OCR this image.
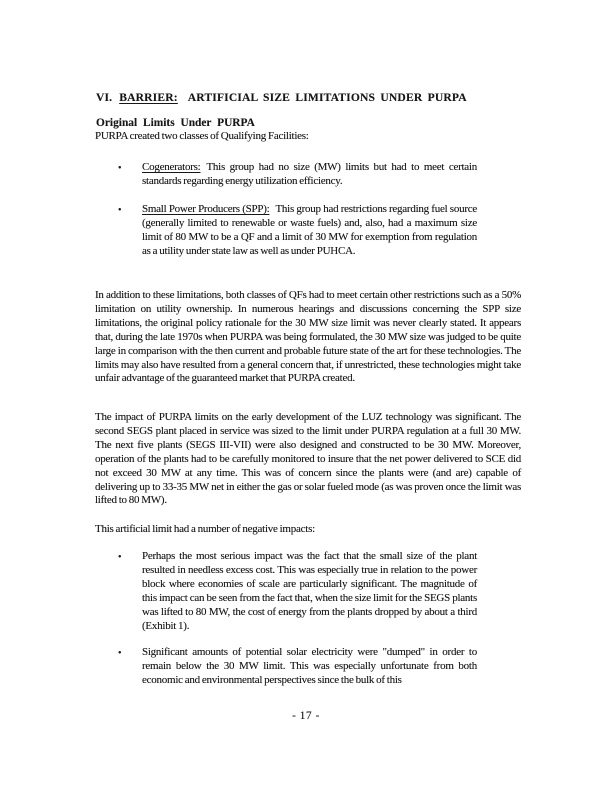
VI. BARRIER: ARTIFICIAL SIZE LIMITATIONS UNDER PURPA
Original Limits Under PURPA

PURPA created two classes of Qualifying Facilities:

• Cogenerators: This group had no size (MW) limits but had to meet certain standards regarding energy utilization efficiency.
• Small Power Producers (SPP): This group had restrictions regarding fuel source (generally limited to renewable or waste fuels) and, also, had a maximum size limit of 80 MW to be a QF and a limit of 30 MW for exemption from regulation as a utility under state law as well as under PUHCA.

In addition to these limitations, both classes of QFs had to meet certain other restrictions such as a 50% limitation on utility ownership. In numerous hearings and discussions concerning the SPP size limitations, the original policy rationale for the 30 MW size limit was never clearly stated. It appears that, during the late 1970s when PURPA was being formulated, the 30 MW size was judged to be quite large in comparison with the then current and probable future state of the art for these technologies. The limits may also have resulted from a general concern that, if unrestricted, these technologies might take unfair advantage of the guaranteed market that PURPA created.

The impact of PURPA limits on the early development of the LUZ technology was significant. The second SEGS plant placed in service was sized to the limit under PURPA regulation at a full 30 MW. The next five plants (SEGS III-VII) were also designed and constructed to be 30 MW. Moreover, operation of the plants had to be carefully monitored to insure that the net power delivered to SCE did not exceed 30 MW at any time. This was of concern since the plants were (and are) capable of delivering up to 33-35 MW net in either the gas or solar fueled mode (as was proven once the limit was lifted to 80 MW).

This artificial limit had a number of negative impacts:

• Perhaps the most serious impact was the fact that the small size of the plant resulted in needless excess cost. This was especially true in relation to the power block where economies of scale are particularly significant. The magnitude of this impact can be seen from the fact that, when the size limit for the SEGS plants was lifted to 80 MW, the cost of energy from the plants dropped by about a third (Exhibit 1).
• Significant amounts of potential solar electricity were "dumped" in order to remain below the 30 MW limit. This was especially unfortunate from both economic and environmental perspectives since the bulk of this
- 17 -
